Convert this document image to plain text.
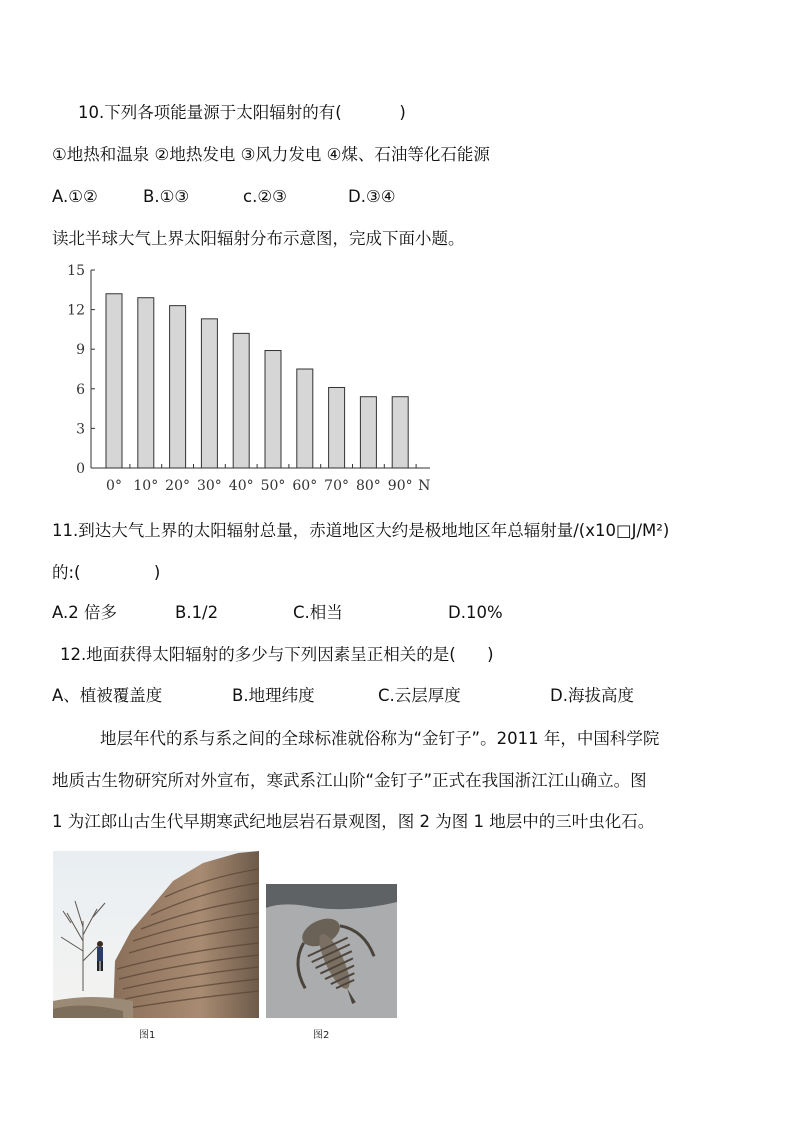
10.下列各项能量源于太阳辐射的有(           )
①地热和温泉 ②地热发电 ③风力发电 ④煤、石油等化石能源
A.①②	B.①③	c.②③	D.③④
读北半球大气上界太阳辐射分布示意图，完成下面小题。
15
12
9
6
3
0
0° 10° 20° 30° 40° 50° 60° 70° 80° 90° N
11.到达大气上界的太阳辐射总量，赤道地区大约是极地地区年总辐射量/(x10□J/M²)
的:(              )
A.2 倍多	B.1/2	C.相当	D.10%
12.地面获得太阳辐射的多少与下列因素呈正相关的是(      )
A、植被覆盖度	B.地理纬度	C.云层厚度	D.海拔高度
地层年代的系与系之间的全球标准就俗称为“金钉子”。2011 年，中国科学院
地质古生物研究所对外宣布，寒武系江山阶“金钉子”正式在我国浙江江山确立。图
1 为江郎山古生代早期寒武纪地层岩石景观图，图 2 为图 1 地层中的三叶虫化石。
图1	图2
